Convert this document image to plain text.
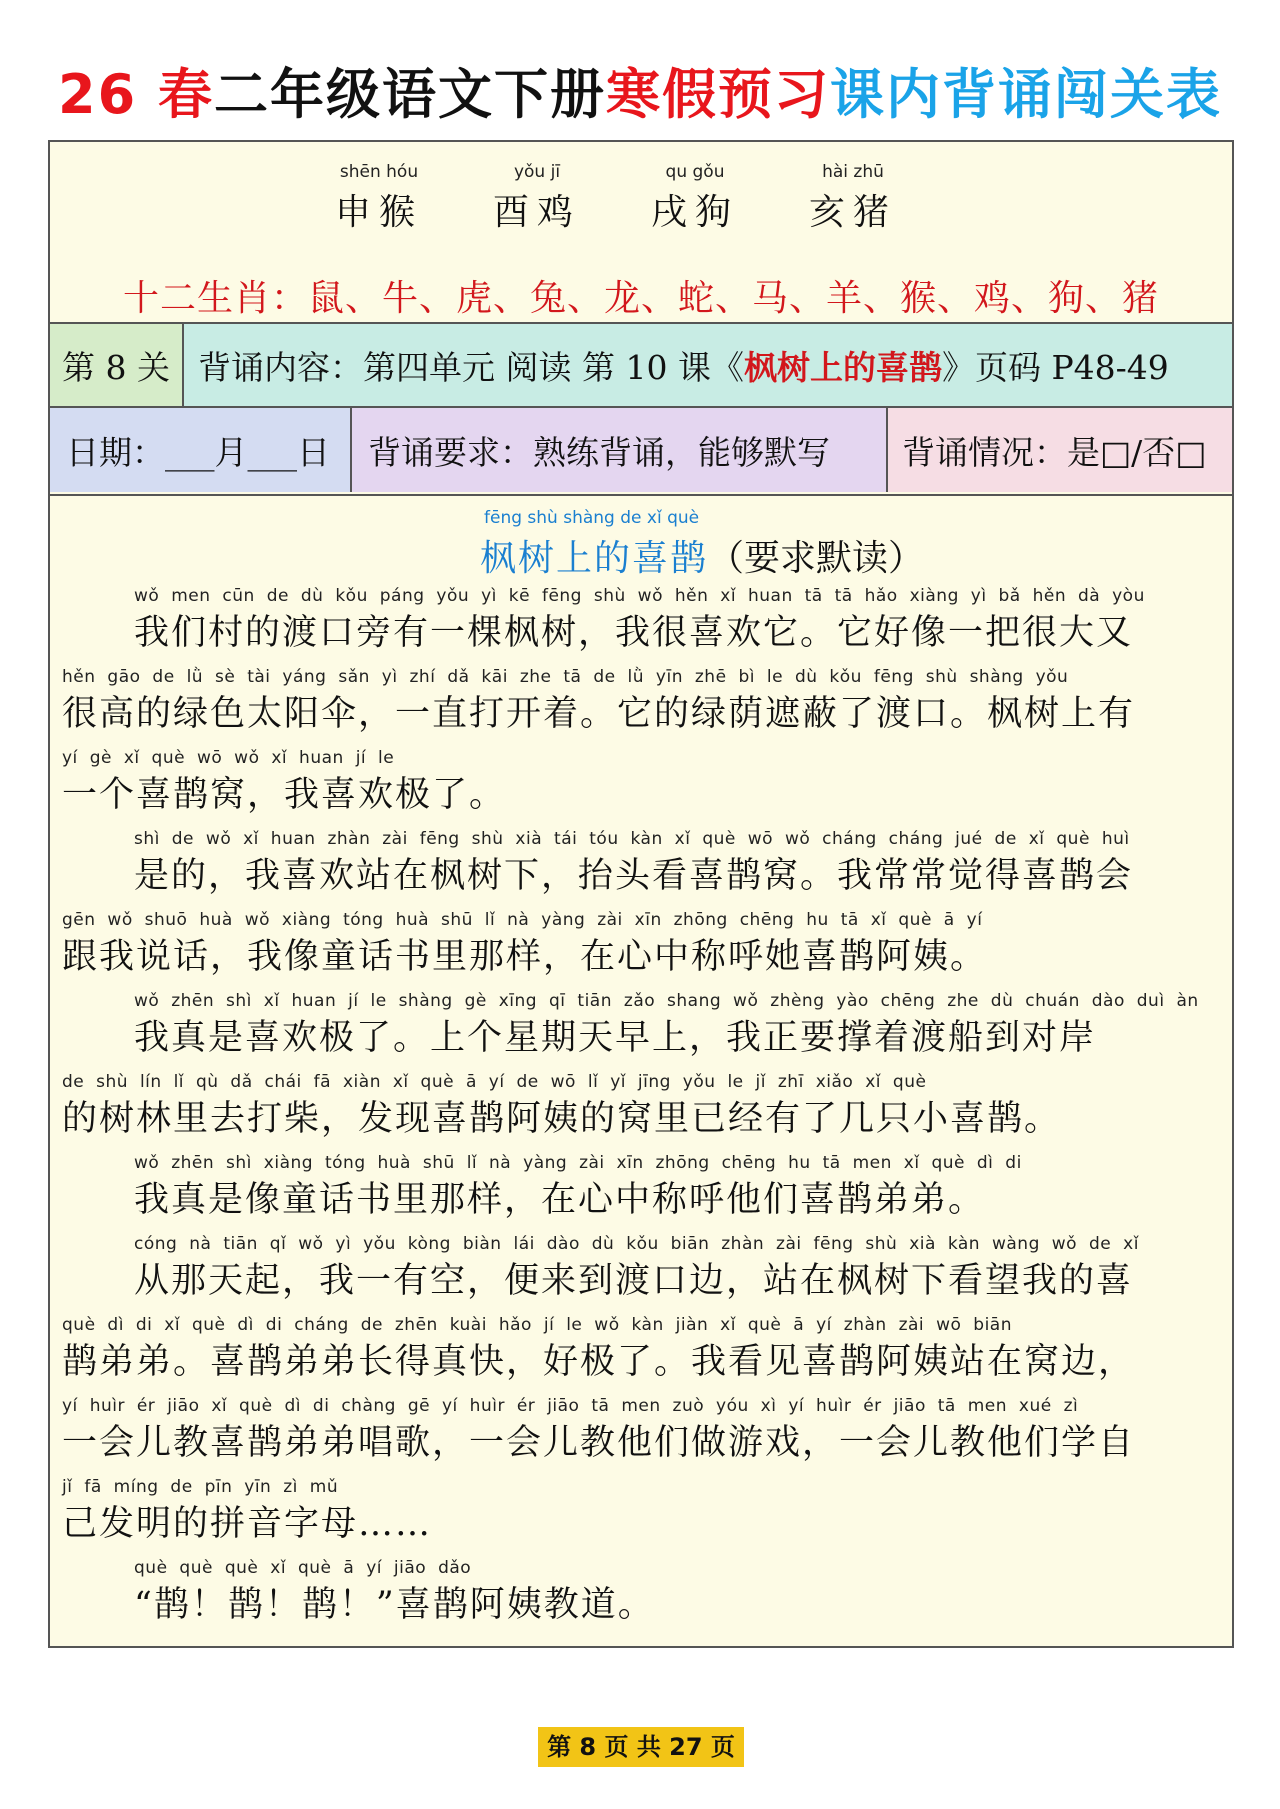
26 春二年级语文下册寒假预习课内背诵闯关表
shēn hóu
申猴
yǒu jī
酉鸡
qu gǒu
戌狗
hài zhū
亥猪
十二生肖：鼠、牛、虎、兔、龙、蛇、马、羊、猴、鸡、狗、猪
第 8 关 背诵内容：第四单元 阅读 第 10 课《 枫树上的喜鹊 》页码 P48-49
日期：___月___日	背诵要求：熟练背诵，能够默写	背诵情况：是□/否□
fēng shù shàng de xǐ què
枫树上的喜鹊（要求默读）
wǒ men cūn de dù kǒu páng yǒu yì kē fēng shù wǒ hěn xǐ huan tā tā hǎo xiàng yì bǎ hěn dà yòu
我们村的渡口旁有一棵枫树，我很喜欢它。它好像一把很大又
hěn gāo de lǜ sè tài yáng sǎn yì zhí dǎ kāi zhe tā de lǜ yīn zhē bì le dù kǒu fēng shù shàng yǒu
很高的绿色太阳伞，一直打开着。它的绿荫遮蔽了渡口。枫树上有
yí gè xǐ què wō wǒ xǐ huan jí le
一个喜鹊窝，我喜欢极了。
shì de wǒ xǐ huan zhàn zài fēng shù xià tái tóu kàn xǐ què wō wǒ cháng cháng jué de xǐ què huì
是的，我喜欢站在枫树下，抬头看喜鹊窝。我常常觉得喜鹊会
gēn wǒ shuō huà wǒ xiàng tóng huà shū lǐ nà yàng zài xīn zhōng chēng hu tā xǐ què ā yí
跟我说话，我像童话书里那样，在心中称呼她喜鹊阿姨。
wǒ zhēn shì xǐ huan jí le shàng gè xīng qī tiān zǎo shang wǒ zhèng yào chēng zhe dù chuán dào duì àn
我真是喜欢极了。上个星期天早上，我正要撑着渡船到对岸
de shù lín lǐ qù dǎ chái fā xiàn xǐ què ā yí de wō lǐ yǐ jīng yǒu le jǐ zhī xiǎo xǐ què
的树林里去打柴，发现喜鹊阿姨的窝里已经有了几只小喜鹊。
wǒ zhēn shì xiàng tóng huà shū lǐ nà yàng zài xīn zhōng chēng hu tā men xǐ què dì di
我真是像童话书里那样，在心中称呼他们喜鹊弟弟。
cóng nà tiān qǐ wǒ yì yǒu kòng biàn lái dào dù kǒu biān zhàn zài fēng shù xià kàn wàng wǒ de xǐ
从那天起，我一有空，便来到渡口边，站在枫树下看望我的喜
què dì di xǐ què dì di cháng de zhēn kuài hǎo jí le wǒ kàn jiàn xǐ què ā yí zhàn zài wō biān
鹊弟弟。喜鹊弟弟长得真快，好极了。我看见喜鹊阿姨站在窝边，
yí huìr ér jiāo xǐ què dì di chàng gē yí huìr ér jiāo tā men zuò yóu xì yí huìr ér jiāo tā men xué zì
一会儿教喜鹊弟弟唱歌，一会儿教他们做游戏，一会儿教他们学自
jǐ fā míng de pīn yīn zì mǔ
己发明的拼音字母……
què què què xǐ què ā yí jiāo dǎo
“鹊！鹊！鹊！”喜鹊阿姨教道。
第 8 页 共 27 页
